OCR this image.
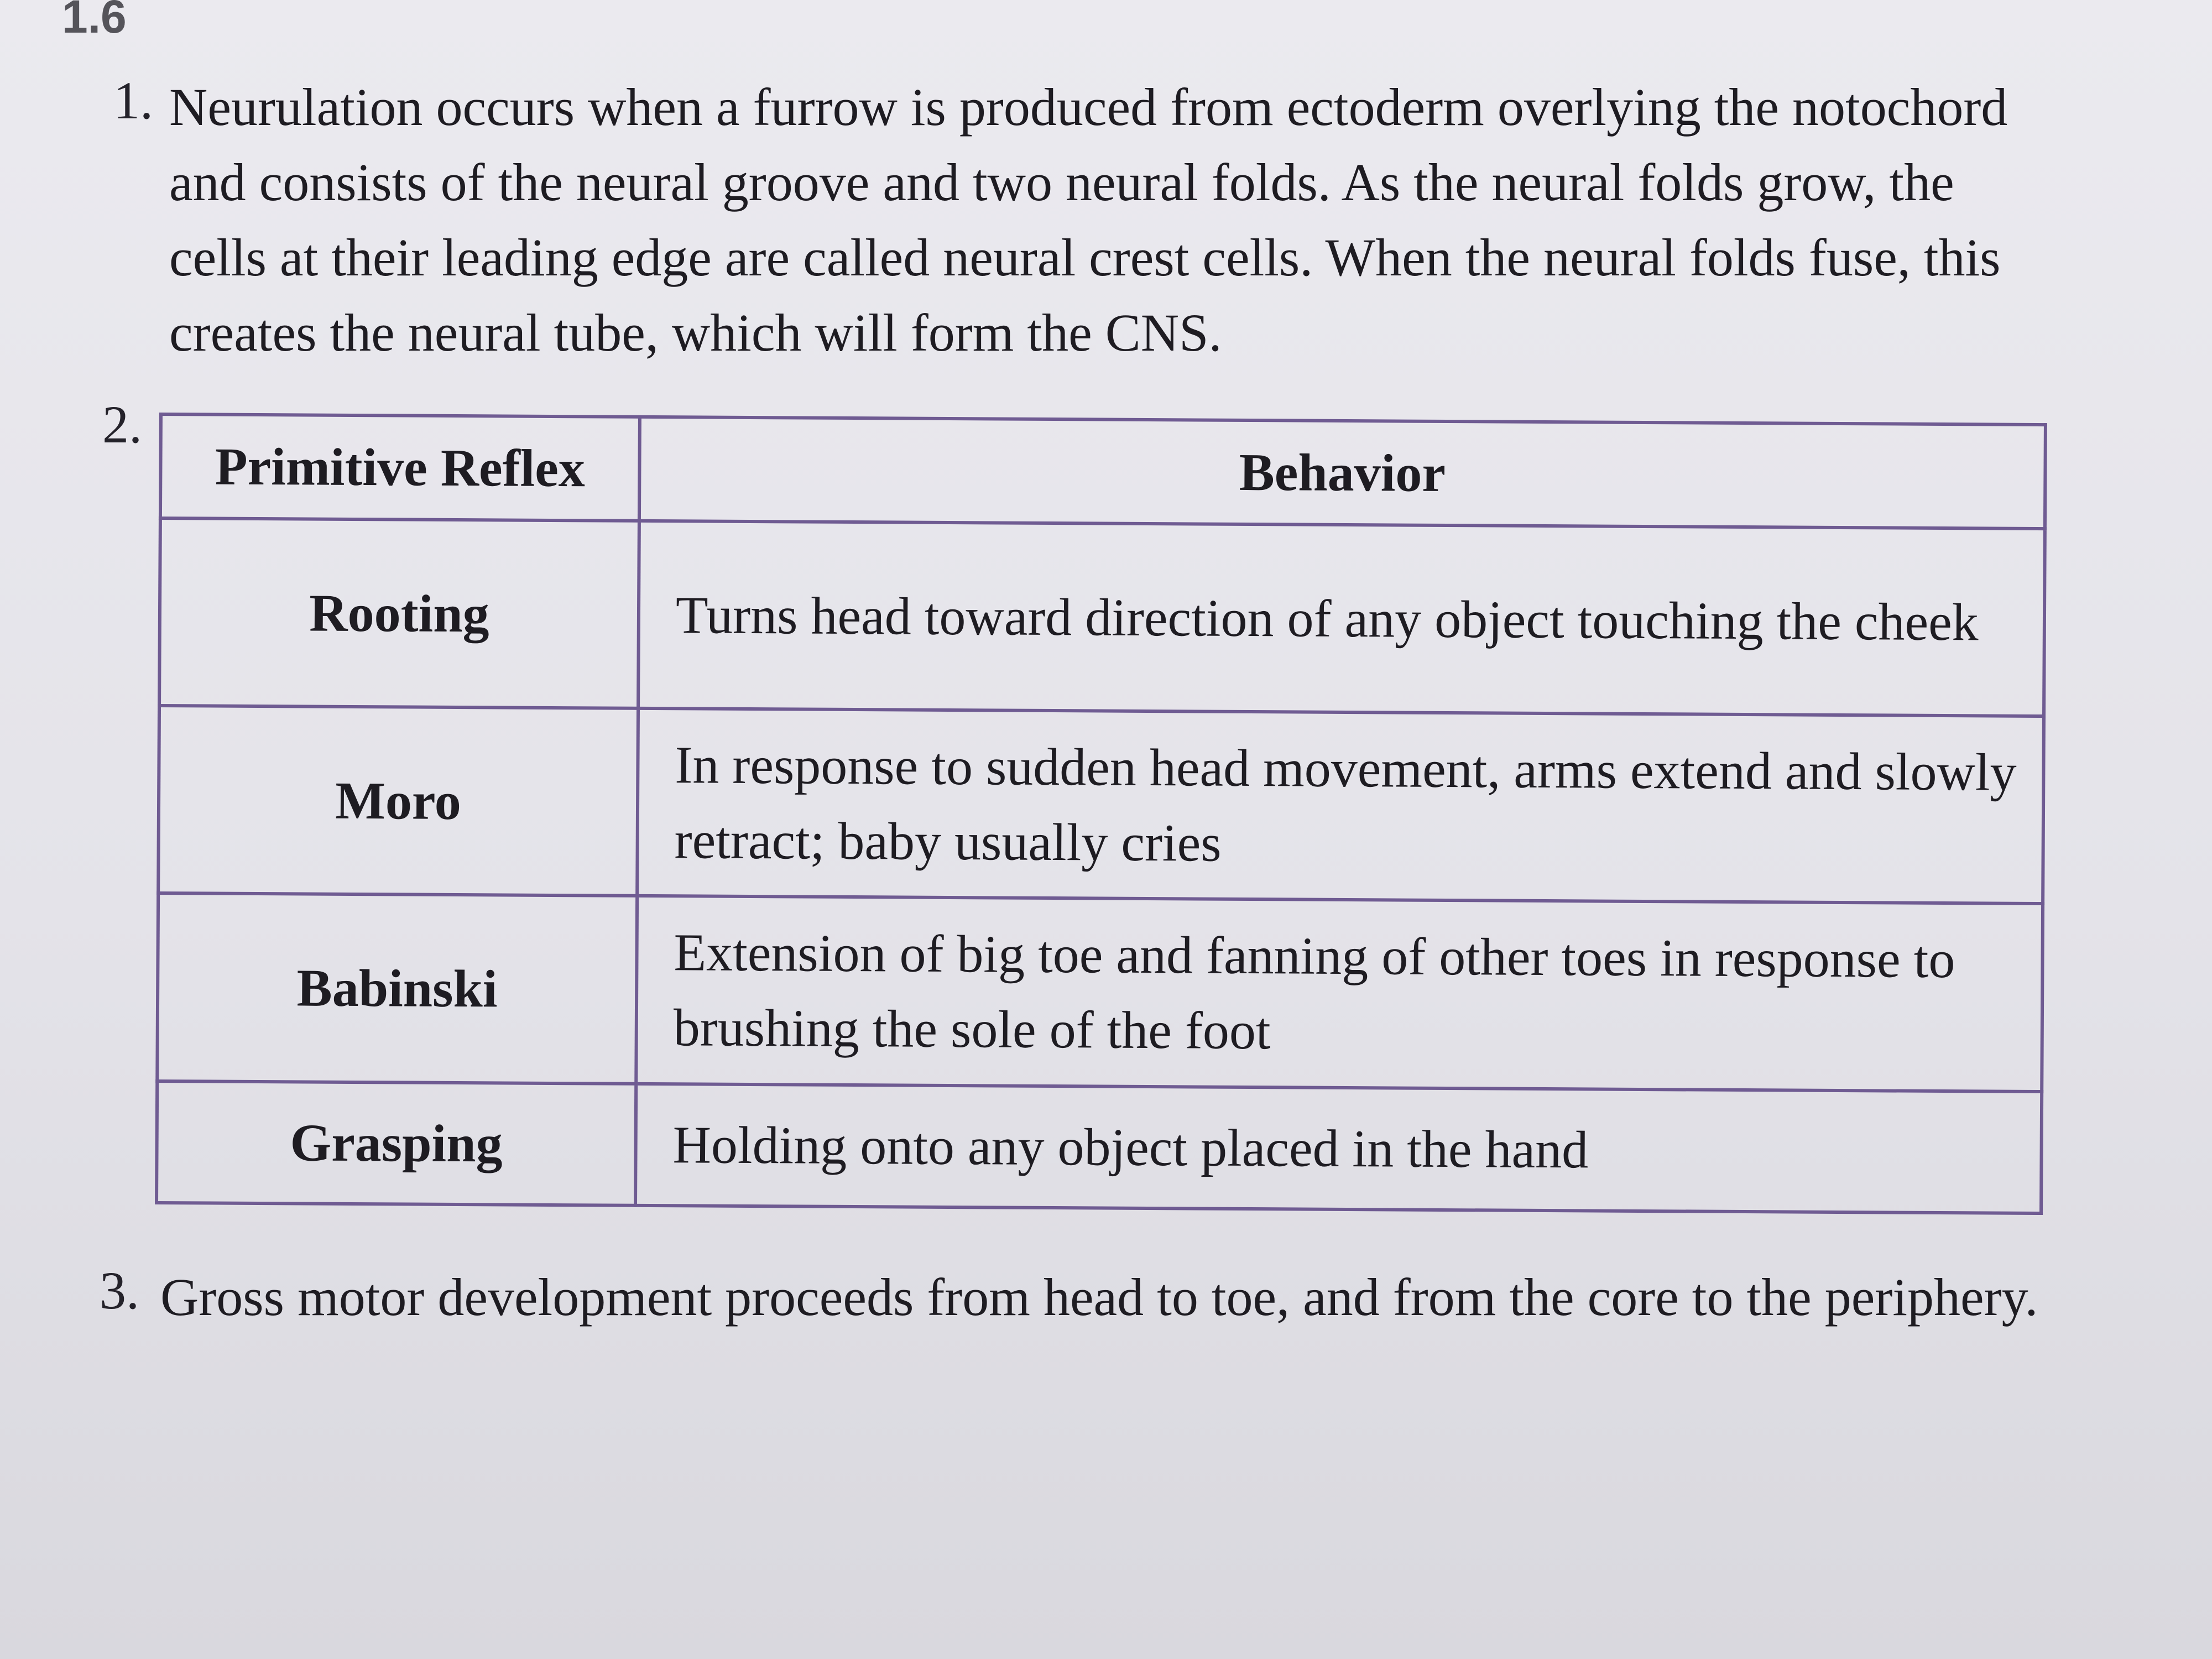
1.6
1. Neurulation occurs when a furrow is produced from ectoderm overlying the notochord and consists of the neural groove and two neural folds. As the neural folds grow, the cells at their leading edge are called neural crest cells. When the neural folds fuse, this creates the neural tube, which will form the CNS.
2.
Primitive Reflex	Behavior
Rooting	Turns head toward direction of any object touching the cheek
Moro	In response to sudden head movement, arms extend and slowly retract; baby usually cries
Babinski	Extension of big toe and fanning of other toes in response to brushing the sole of the foot
Grasping	Holding onto any object placed in the hand
3. Gross motor development proceeds from head to toe, and from the core to the periphery.
